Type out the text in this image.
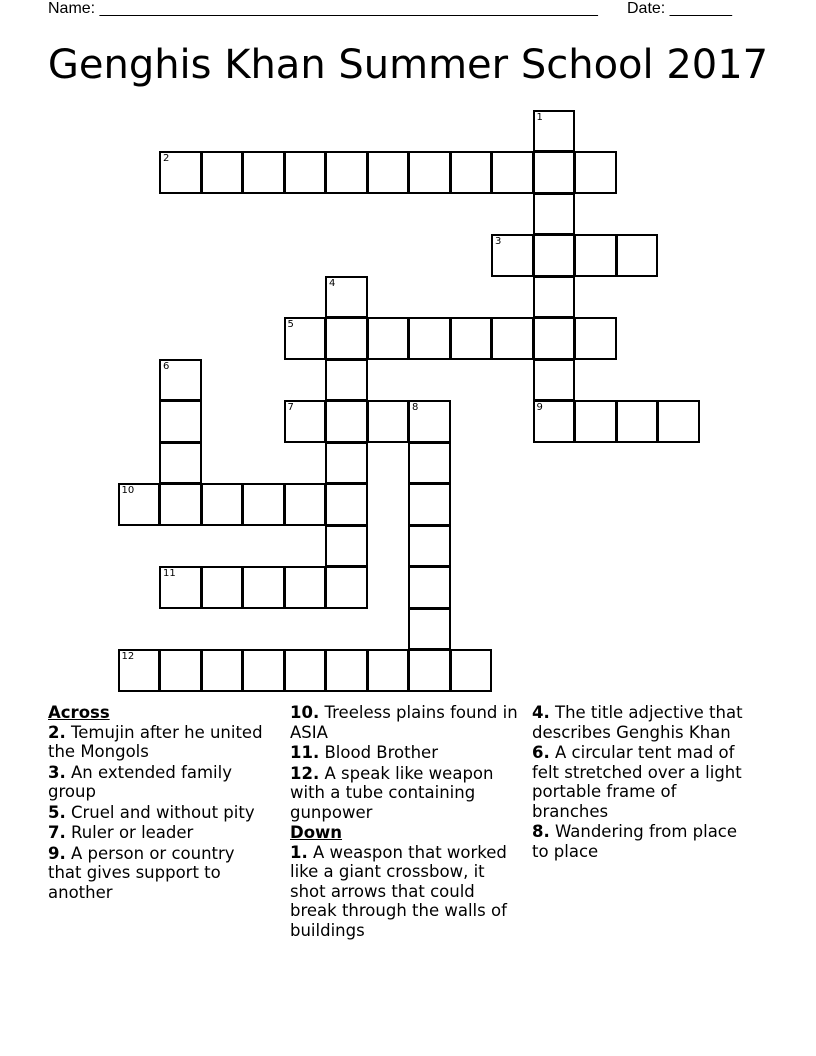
Name: ________________________________________________________ Date: _______
Genghis Khan Summer School 2017
1
9
2
3
4
5
6
7	8
10
11
12
Across
2. Temujin after he united the Mongols
3. An extended family group
5. Cruel and without pity
7. Ruler or leader
9. A person or country that gives support to another
10. Treeless plains found in ASIA
11. Blood Brother
12. A speak like weapon with a tube containing gunpower
Down
1. A weaspon that worked like a giant crossbow, it shot arrows that could break through the walls of buildings
4. The title adjective that describes Genghis Khan
6. A circular tent mad of felt stretched over a light portable frame of branches
8. Wandering from place to place
